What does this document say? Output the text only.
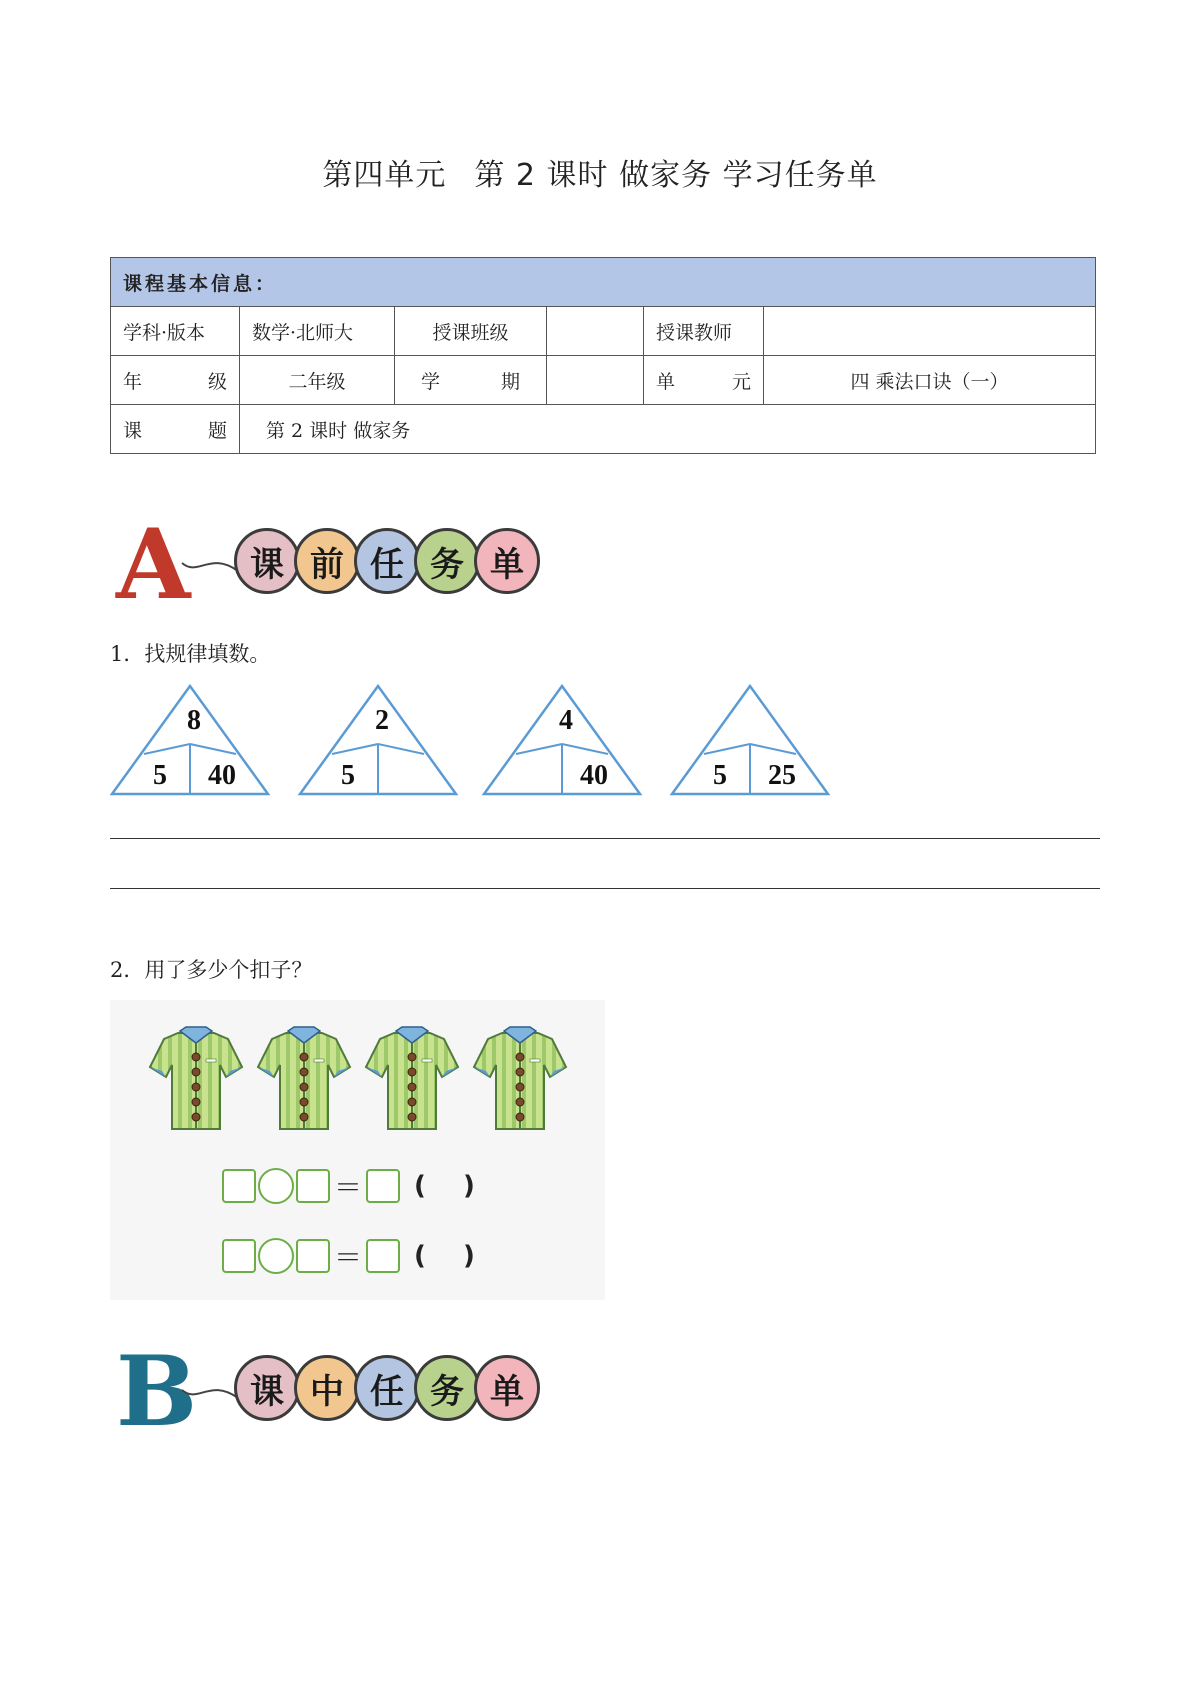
第四单元 第 2 课时 做家务 学习任务单
课程基本信息：					
学科·版本	数学·北师大	授课班级		授课教师	

年 级	二年级	学 期		单 元	四 乘法口诀（一）

课 题	第 2 课时 做家务				
A	课 前 任 务 单
1．找规律填数。
8
5 40
2
5
4
40	5 25
2．用了多少个扣子？
＝ ( )
＝ ( )
B	课 中 任 务 单
